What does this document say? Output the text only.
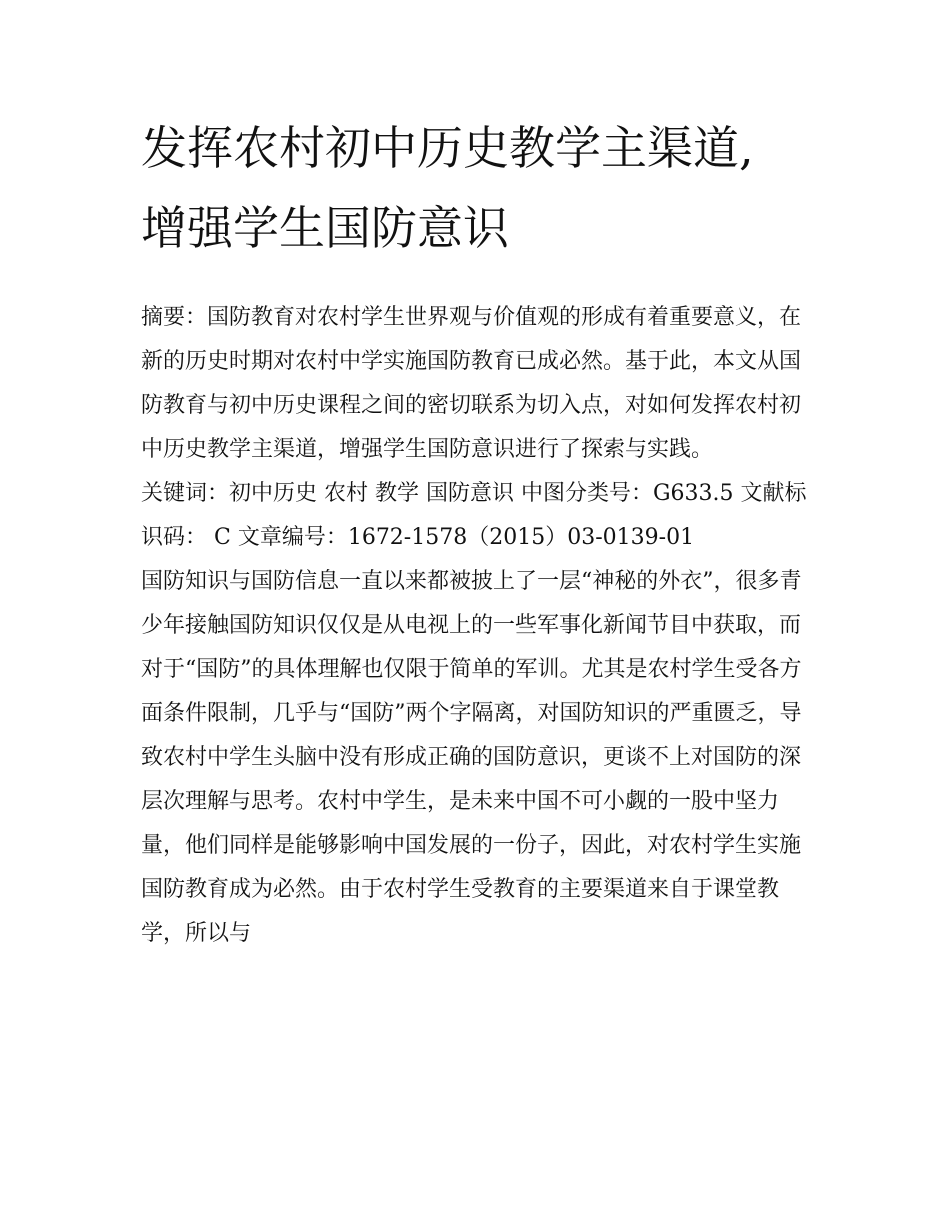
发挥农村初中历史教学主渠道,
增强学生国防意识

摘要：国防教育对农村学生世界观与价值观的形成有着重要意义，在新的历史时期对农村中学实施国防教育已成必然。基于此，本文从国防教育与初中历史课程之间的密切联系为切入点，对如何发挥农村初中历史教学主渠道，增强学生国防意识进行了探索与实践。

关键词：初中历史 农村 教学 国防意识 中图分类号：G633.5 文献标识码： C 文章编号：1672-1578（2015）03-0139-01

国防知识与国防信息一直以来都被披上了一层“神秘的外衣”，很多青少年接触国防知识仅仅是从电视上的一些军事化新闻节目中获取，而对于“国防”的具体理解也仅限于简单的军训。尤其是农村学生受各方面条件限制，几乎与“国防”两个字隔离，对国防知识的严重匮乏，导致农村中学生头脑中没有形成正确的国防意识，更谈不上对国防的深层次理解与思考。农村中学生，是未来中国不可小觑的一股中坚力量，他们同样是能够影响中国发展的一份子，因此，对农村学生实施国防教育成为必然。由于农村学生受教育的主要渠道来自于课堂教学，所以与
